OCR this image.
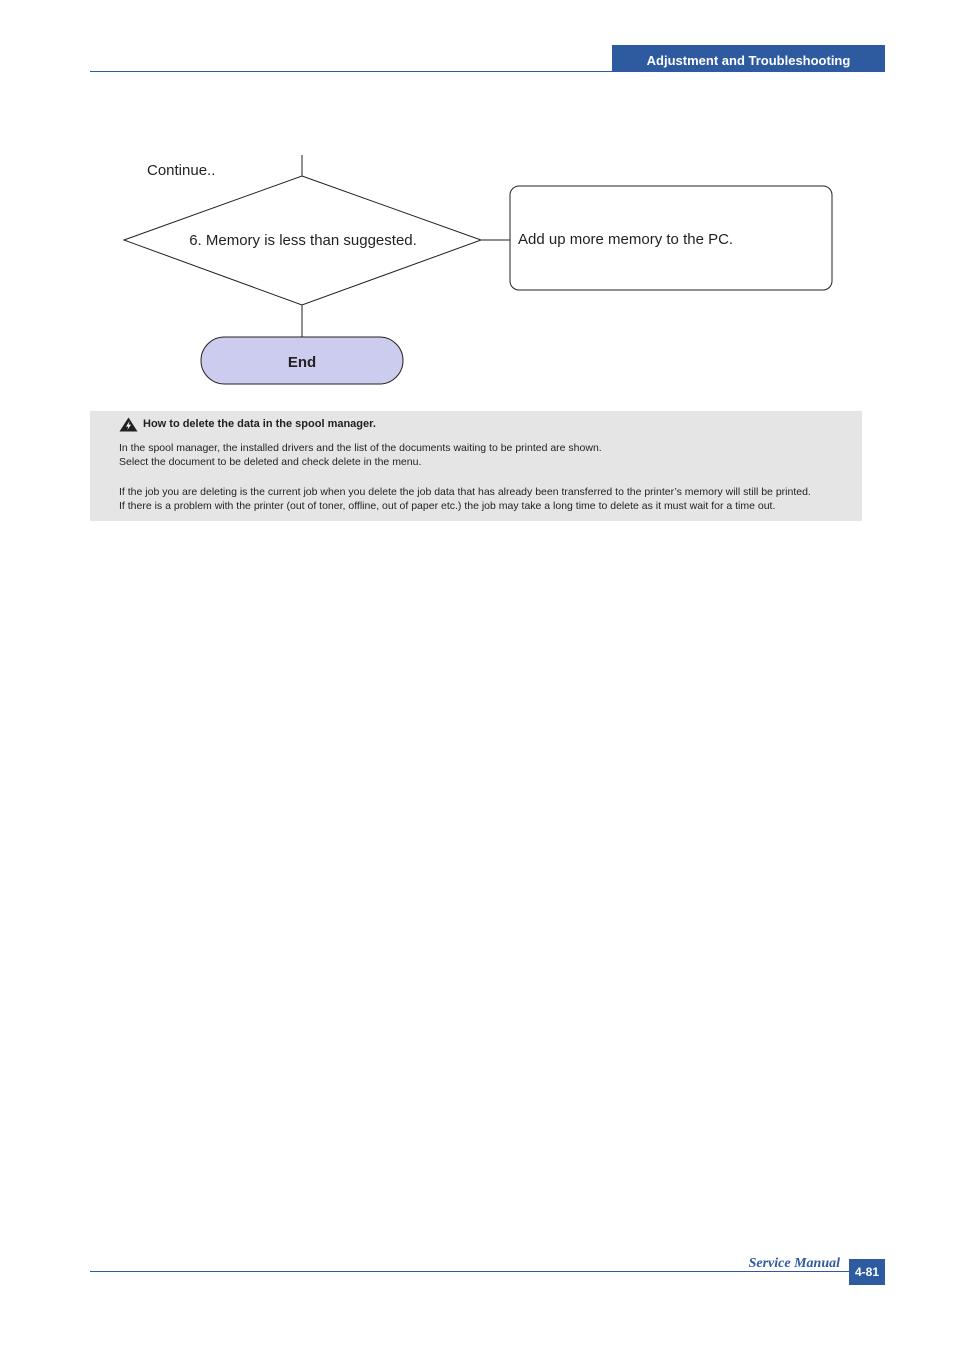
Adjustment and Troubleshooting
Continue..
6. Memory is less than suggested.	Add up more memory to the PC.
End
How to delete the data in the spool manager.

In the spool manager, the installed drivers and the list of the documents waiting to be printed are shown.

Select the document to be deleted and check delete in the menu.

If the job you are deleting is the current job when you delete the job data that has already been transferred to the printer’s memory will still be printed.

If there is a problem with the printer (out of toner, offline, out of paper etc.) the job may take a long time to delete as it must wait for a time out.

Service Manual
4-81
